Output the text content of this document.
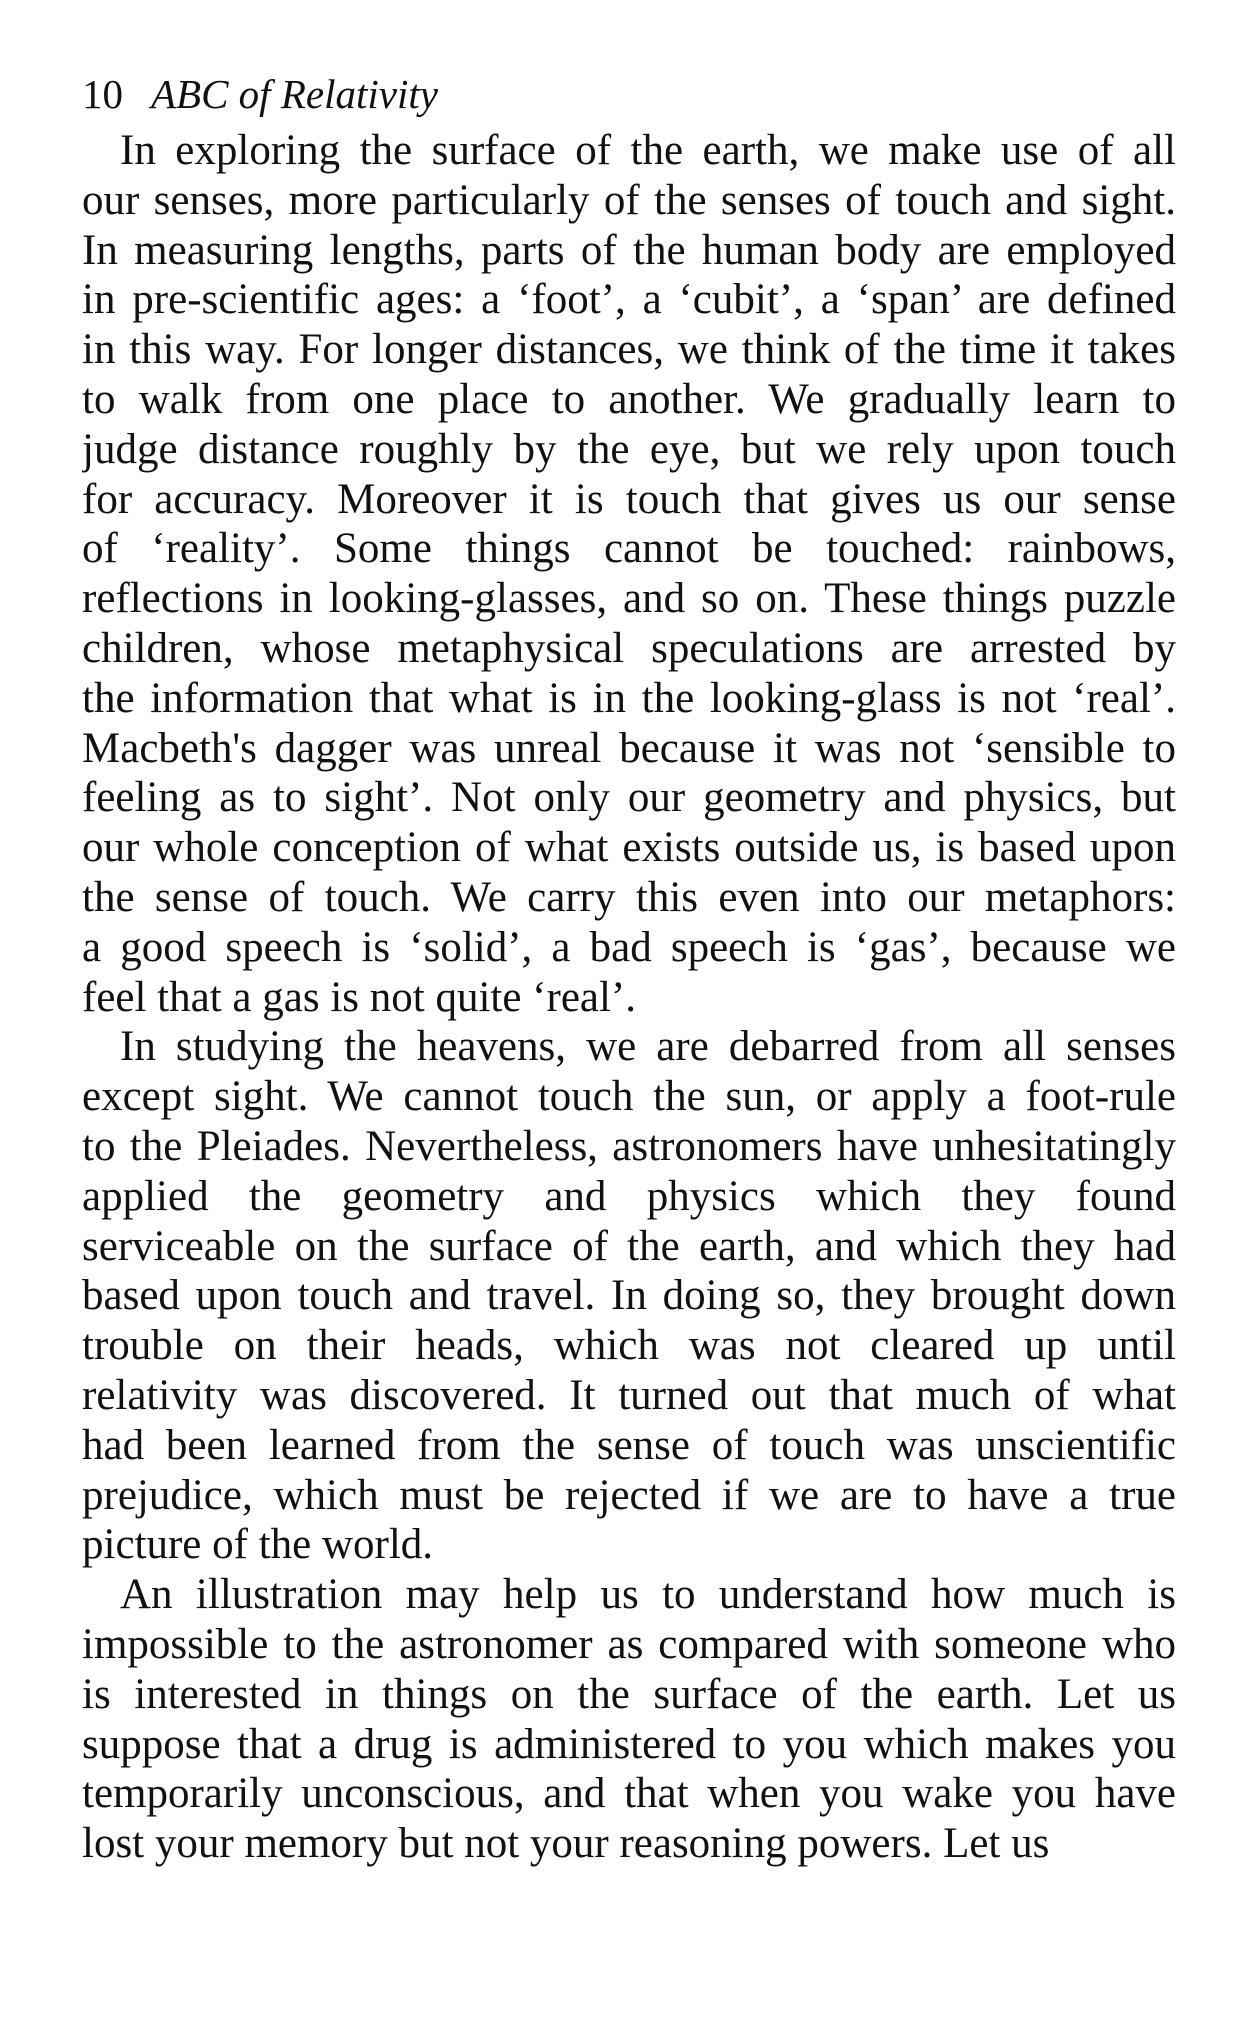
10 ABC of Relativity
In exploring the surface of the earth, we make use of all
our senses, more particularly of the senses of touch and sight.
In measuring lengths, parts of the human body are employed
in pre-scientific ages: a ‘foot’, a ‘cubit’, a ‘span’ are defined
in this way. For longer distances, we think of the time it takes
to walk from one place to another. We gradually learn to
judge distance roughly by the eye, but we rely upon touch
for accuracy. Moreover it is touch that gives us our sense
of ‘reality’. Some things cannot be touched: rainbows,
reflections in looking-glasses, and so on. These things puzzle
children, whose metaphysical speculations are arrested by
the information that what is in the looking-glass is not ‘real’.
Macbeth's dagger was unreal because it was not ‘sensible to
feeling as to sight’. Not only our geometry and physics, but
our whole conception of what exists outside us, is based upon
the sense of touch. We carry this even into our metaphors:
a good speech is ‘solid’, a bad speech is ‘gas’, because we
feel that a gas is not quite ‘real’.
In studying the heavens, we are debarred from all senses
except sight. We cannot touch the sun, or apply a foot-rule
to the Pleiades. Nevertheless, astronomers have unhesitatingly
applied the geometry and physics which they found
serviceable on the surface of the earth, and which they had
based upon touch and travel. In doing so, they brought down
trouble on their heads, which was not cleared up until
relativity was discovered. It turned out that much of what
had been learned from the sense of touch was unscientific
prejudice, which must be rejected if we are to have a true
picture of the world.
An illustration may help us to understand how much is
impossible to the astronomer as compared with someone who
is interested in things on the surface of the earth. Let us
suppose that a drug is administered to you which makes you
temporarily unconscious, and that when you wake you have
lost your memory but not your reasoning powers. Let us
